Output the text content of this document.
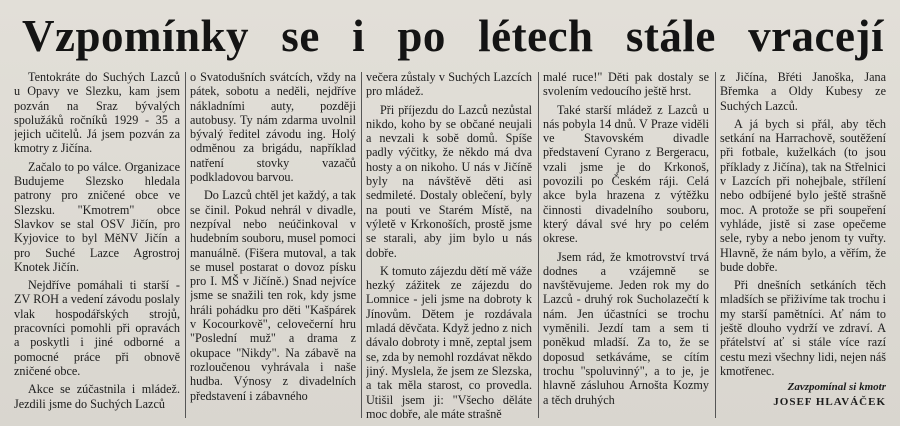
Vzpomínky se i po létech stále vracejí

Tentokráte do Suchých Lazců u Opavy ve Slezku, kam jsem pozván na Sraz bývalých spolužáků ročníků 1929 - 35 a jejich učitelů. Já jsem pozván za kmotry z Jičína.

Začalo to po válce. Organizace Budujeme Slezsko hledala patrony pro zničené obce ve Slezsku. "Kmotrem" obce Slavkov se stal OSV Jičín, pro Kyjovice to byl MěNV Jičín a pro Suché Lazce Agrostroj Knotek Jičín.

Nejdříve pomáhali ti starší - ZV ROH a vedení závodu poslaly vlak hospodářských strojů, pracovníci pomohli při opravách a poskytli i jiné odborné a pomocné práce při obnově zničené obce.

Akce se zúčastnila i mládež. Jezdili jsme do Suchých Lazců

o Svatodušních svátcích, vždy na pátek, sobotu a neděli, nejdříve nákladními auty, později autobusy. Ty nám zdarma uvolnil bývalý ředitel závodu ing. Holý odměnou za brigádu, například natření stovky vazačů podkladovou barvou.

Do Lazců chtěl jet každý, a tak se činil. Pokud nehrál v divadle, nezpíval nebo neúčinkoval v hudebním souboru, musel pomoci manuálně. (Fišera mutoval, a tak se musel postarat o dovoz písku pro I. MŠ v Jičíně.) Snad nejvíce jsme se snažili ten rok, kdy jsme hráli pohádku pro děti "Kašpárek v Kocourkově", celovečerní hru "Poslední muž" a drama z okupace "Nikdy". Na zábavě na rozloučenou vyhrávala i naše hudba. Výnosy z divadelních představení i zábavného

večera zůstaly v Suchých Lazcích pro mládež.

Při příjezdu do Lazců nezůstal nikdo, koho by se občané neujali a nevzali k sobě domů. Spíše padly výčitky, že někdo má dva hosty a on nikoho. U nás v Jičíně byly na návštěvě děti asi sedmileté. Dostaly oblečení, byly na pouti ve Starém Místě, na výletě v Krkonoších, prostě jsme se starali, aby jim bylo u nás dobře.

K tomuto zájezdu dětí mě váže hezký zážitek ze zájezdu do Lomnice - jeli jsme na dobroty k Jínovům. Dětem je rozdávala mladá děvčata. Když jedno z nich dávalo dobroty i mně, zeptal jsem se, zda by nemohl rozdávat někdo jiný. Myslela, že jsem ze Slezska, a tak měla starost, co provedla. Utišil jsem ji: "Všecho děláte moc dobře, ale máte strašně

malé ruce!" Děti pak dostaly se svolením vedoucího ještě hrst.

Také starší mládež z Lazců u nás pobyla 14 dnů. V Praze viděli ve Stavovském divadle představení Cyrano z Bergeracu, vzali jsme je do Krkonoš, povozili po Českém ráji. Celá akce byla hrazena z výtěžku činnosti divadelního souboru, který dával své hry po celém okrese.

Jsem rád, že kmotrovství trvá dodnes a vzájemně se navštěvujeme. Jeden rok my do Lazců - druhý rok Sucholazečtí k nám. Jen účastníci se trochu vyměnili. Jezdí tam a sem ti poněkud mladší. Za to, že se doposud setkáváme, se cítím trochu "spoluvinný", a to je, je hlavně zásluhou Arnošta Kozmy a těch druhých

z Jičína, Břéti Janoška, Jana Břemka a Oldy Kubesy ze Suchých Lazců.

A já bych si přál, aby těch setkání na Harrachově, soutěžení při fotbale, kuželkách (to jsou příklady z Jičína), tak na Střelnici v Lazcích při nohejbale, střílení nebo odbíjené bylo ještě strašně moc. A protože se při soupeření vyhláde, jistě si zase opečeme sele, ryby a nebo jenom ty vuřty. Hlavně, že nám bylo, a věřím, že bude dobře.

Při dnešních setkáních těch mladších se přiživíme tak trochu i my starší pamětníci. Ať nám to ještě dlouho vydrží ve zdraví. A přátelství ať si stále více razí cestu mezi všechny lidi, nejen náš kmotřenec.

Zavzpomínal si kmotr
JOSEF HLAVÁČEK
